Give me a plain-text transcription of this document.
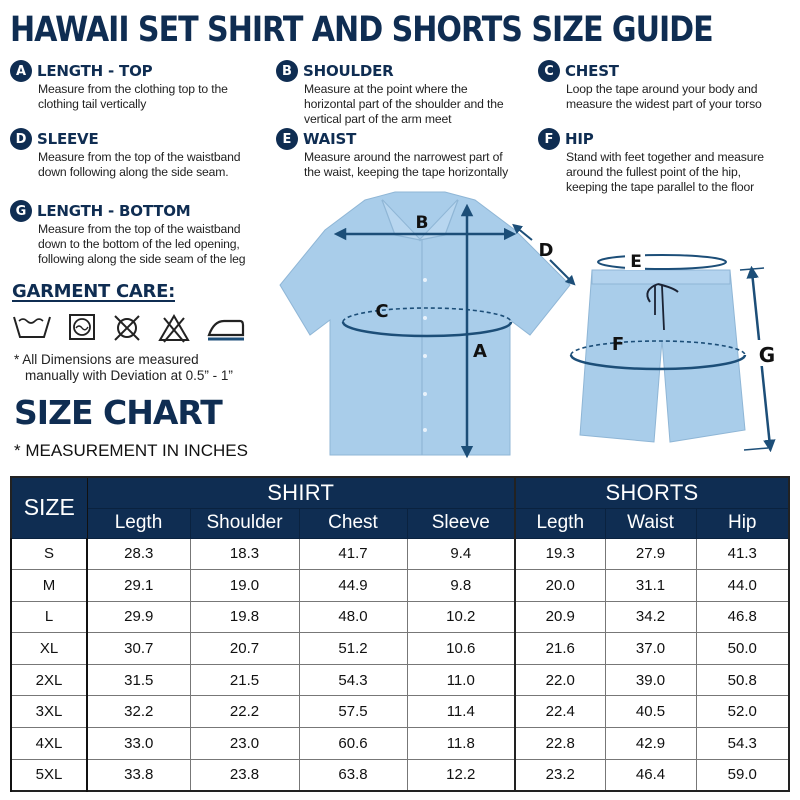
HAWAII SET SHIRT AND SHORTS SIZE GUIDE
A LENGTH - TOP
Measure from the clothing top to the
clothing tail vertically
B SHOULDER
Measure at the point where the
horizontal part of the shoulder and the
vertical part of the arm meet
C CHEST
Loop the tape around your body and
measure the widest part of your torso
D SLEEVE
Measure from the top of the waistband
down following along the side seam.
E WAIST
Measure around the narrowest part of
the waist, keeping the tape horizontally
F HIP
Stand with feet together and measure
around the fullest point of the hip,
keeping the tape parallel to the floor
G LENGTH - BOTTOM
Measure from the top of the waistband
down to the bottom of the led opening,
following along the side seam of the leg
GARMENT CARE:
* All Dimensions are measured
manually with Deviation at 0.5” - 1”
SIZE CHART
* MEASUREMENT IN INCHES
B
A
C
D
E
F	G
SIZE	SHIRT				SHORTS		
	Legth	Shoulder	Chest	Sleeve	Legth	Waist	Hip
S	28.3	18.3	41.7	9.4	19.3	27.9	41.3
M	29.1	19.0	44.9	9.8	20.0	31.1	44.0
L	29.9	19.8	48.0	10.2	20.9	34.2	46.8
XL	30.7	20.7	51.2	10.6	21.6	37.0	50.0
2XL	31.5	21.5	54.3	11.0	22.0	39.0	50.8
3XL	32.2	22.2	57.5	11.4	22.4	40.5	52.0
4XL	33.0	23.0	60.6	11.8	22.8	42.9	54.3
5XL	33.8	23.8	63.8	12.2	23.2	46.4	59.0
